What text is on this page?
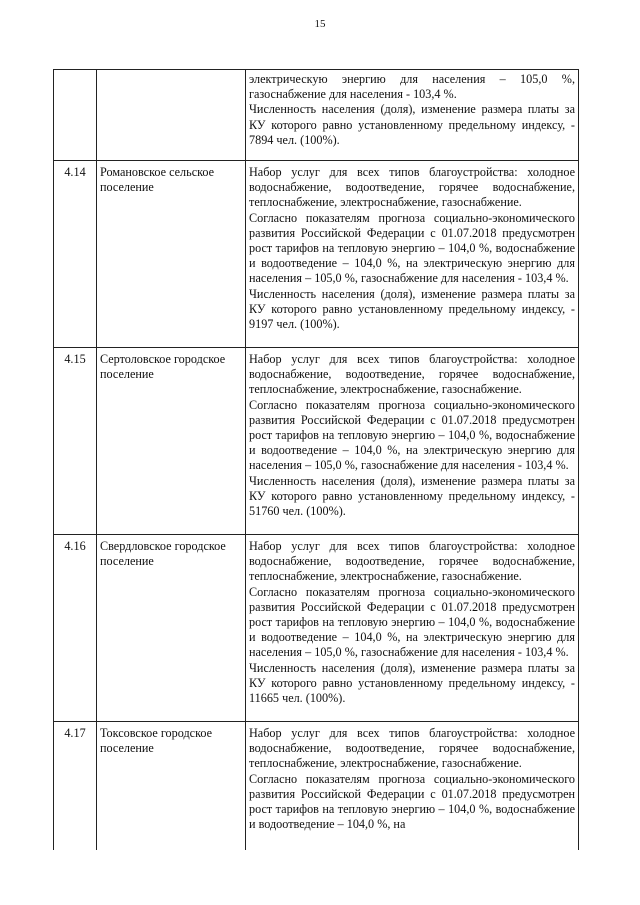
15

		электрическую энергию для населения – 105,0 %, газоснабжение для населения - 103,4 %.

Численность населения (доля), изменение размера платы за КУ которого равно установленному предельному индексу, - 7894 чел. (100%).

4.14	Романовское сельское поселение	Набор услуг для всех типов благоустройства: холодное водоснабжение, водоотведение, горячее водоснабжение, теплоснабжение, электроснабжение, газоснабжение.

Согласно показателям прогноза социально-экономического развития Российской Федерации с 01.07.2018 предусмотрен рост тарифов на тепловую энергию – 104,0 %, водоснабжение и водоотведение – 104,0 %, на электрическую энергию для населения – 105,0 %, газоснабжение для населения - 103,4 %.

Численность населения (доля), изменение размера платы за КУ которого равно установленному предельному индексу, - 9197 чел. (100%).

4.15	Сертоловское городское поселение	Набор услуг для всех типов благоустройства: холодное водоснабжение, водоотведение, горячее водоснабжение, теплоснабжение, электроснабжение, газоснабжение.

Согласно показателям прогноза социально-экономического развития Российской Федерации с 01.07.2018 предусмотрен рост тарифов на тепловую энергию – 104,0 %, водоснабжение и водоотведение – 104,0 %, на электрическую энергию для населения – 105,0 %, газоснабжение для населения - 103,4 %.

Численность населения (доля), изменение размера платы за КУ которого равно установленному предельному индексу, - 51760 чел. (100%).

4.16	Свердловское городское поселение	Набор услуг для всех типов благоустройства: холодное водоснабжение, водоотведение, горячее водоснабжение, теплоснабжение, электроснабжение, газоснабжение.

Согласно показателям прогноза социально-экономического развития Российской Федерации с 01.07.2018 предусмотрен рост тарифов на тепловую энергию – 104,0 %, водоснабжение и водоотведение – 104,0 %, на электрическую энергию для населения – 105,0 %, газоснабжение для населения - 103,4 %.

Численность населения (доля), изменение размера платы за КУ которого равно установленному предельному индексу, - 11665 чел. (100%).

4.17	Токсовское городское поселение	Набор услуг для всех типов благоустройства: холодное водоснабжение, водоотведение, горячее водоснабжение, теплоснабжение, электроснабжение, газоснабжение.

Согласно показателям прогноза социально-экономического развития Российской Федерации с 01.07.2018 предусмотрен рост тарифов на тепловую энергию – 104,0 %, водоснабжение и водоотведение – 104,0 %, на
